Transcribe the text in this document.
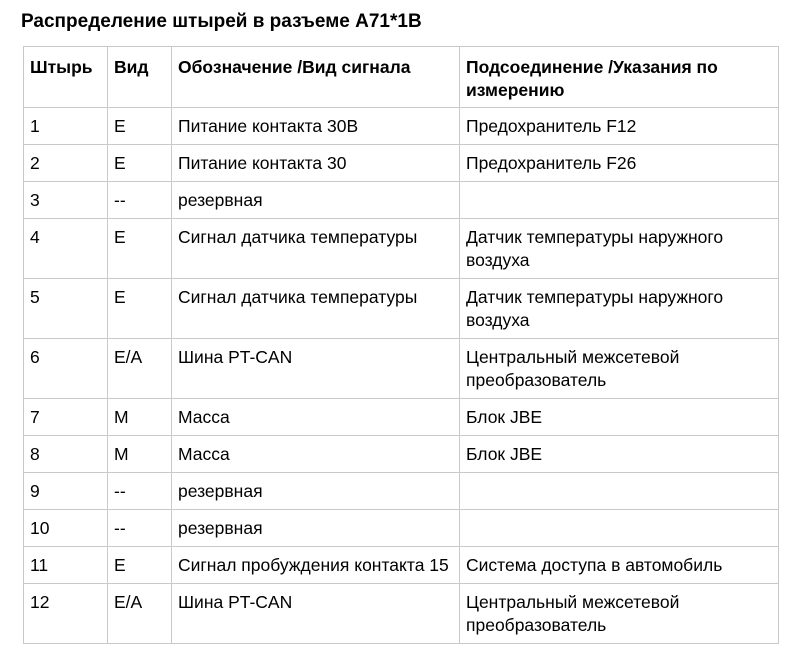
Распределение штырей в разъеме A71*1B
Штырь	Вид	Обозначение /Вид сигнала	Подсоединение /Указания по измерению
1	E	Питание контакта 30B	Предохранитель F12
2	E	Питание контакта 30	Предохранитель F26
3	--	резервная	
4	E	Сигнал датчика температуры	Датчик температуры наружного воздуха
5	E	Сигнал датчика температуры	Датчик температуры наружного воздуха
6	E/A	Шина PT-CAN	Центральный межсетевой преобразователь
7	M	Масса	Блок JBE
8	M	Масса	Блок JBE
9	--	резервная	
10	--	резервная	
11	E	Сигнал пробуждения контакта 15	Система доступа в автомобиль
12	E/A	Шина PT-CAN	Центральный межсетевой преобразователь
